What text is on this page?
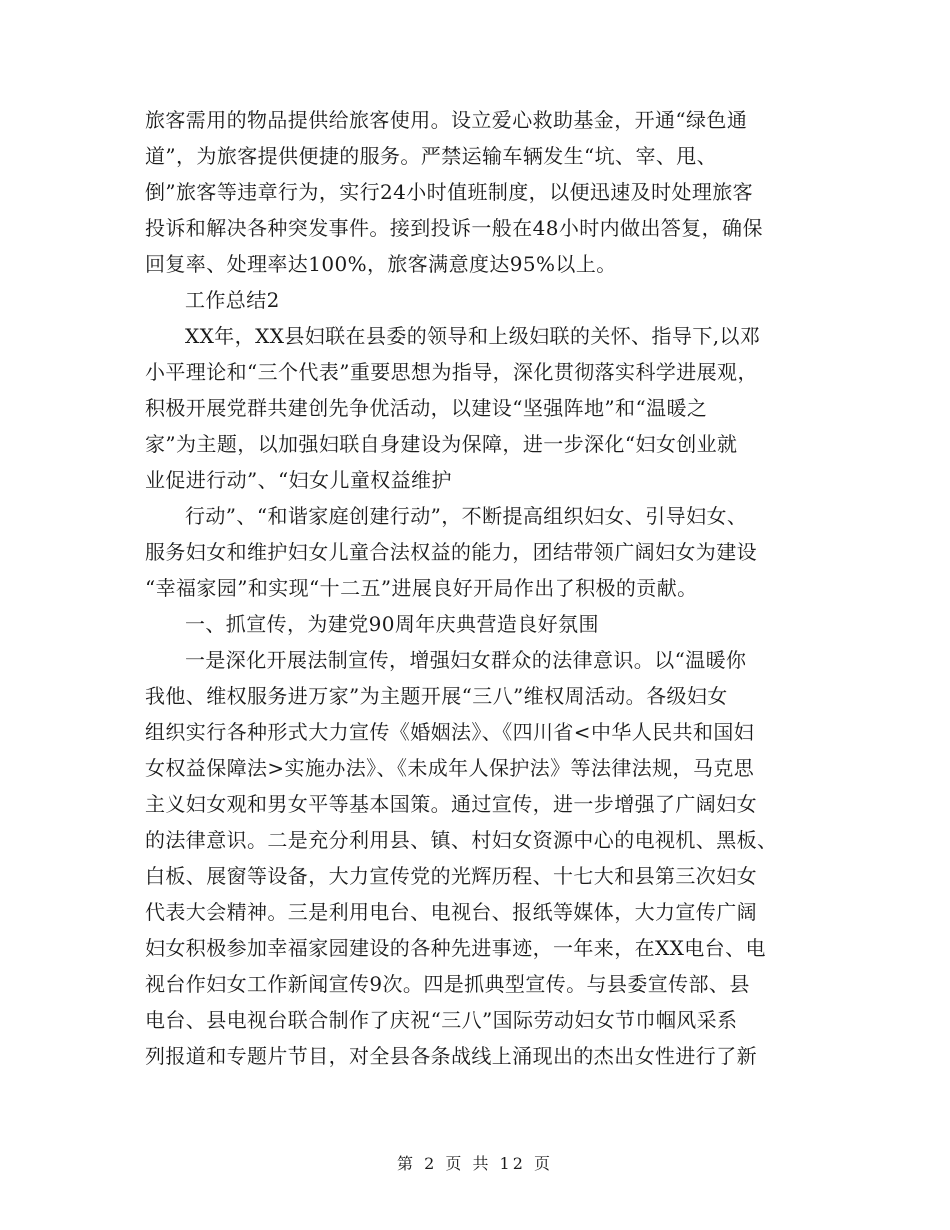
旅客需用的物品提供给旅客使用。设立爱心救助基金，开通“绿色通
道”，为旅客提供便捷的服务。严禁运输车辆发生“坑、宰、甩、
倒”旅客等违章行为，实行24小时值班制度，以便迅速及时处理旅客
投诉和解决各种突发事件。接到投诉一般在48小时内做出答复，确保
回复率、处理率达100%，旅客满意度达95%以上。
工作总结2
XX年，XX县妇联在县委的领导和上级妇联的关怀、指导下,以邓
小平理论和“三个代表”重要思想为指导，深化贯彻落实科学进展观，
积极开展党群共建创先争优活动，以建设“坚强阵地”和“温暖之
家”为主题，以加强妇联自身建设为保障，进一步深化“妇女创业就
业促进行动”、“妇女儿童权益维护
行动”、“和谐家庭创建行动”，不断提高组织妇女、引导妇女、
服务妇女和维护妇女儿童合法权益的能力，团结带领广阔妇女为建设
“幸福家园”和实现“十二五”进展良好开局作出了积极的贡献。
一、抓宣传，为建党90周年庆典营造良好氛围
一是深化开展法制宣传，增强妇女群众的法律意识。以“温暖你
我他、维权服务进万家”为主题开展“三八”维权周活动。各级妇女
组织实行各种形式大力宣传《婚姻法》、《四川省<中华人民共和国妇
女权益保障法>实施办法》、《未成年人保护法》等法律法规，马克思
主义妇女观和男女平等基本国策。通过宣传，进一步增强了广阔妇女
的法律意识。二是充分利用县、镇、村妇女资源中心的电视机、黑板、
白板、展窗等设备，大力宣传党的光辉历程、十七大和县第三次妇女
代表大会精神。三是利用电台、电视台、报纸等媒体，大力宣传广阔
妇女积极参加幸福家园建设的各种先进事迹，一年来，在XX电台、电
视台作妇女工作新闻宣传9次。四是抓典型宣传。与县委宣传部、县
电台、县电视台联合制作了庆祝“三八”国际劳动妇女节巾帼风采系
列报道和专题片节目，对全县各条战线上涌现出的杰出女性进行了新
第 2 页 共 12 页
